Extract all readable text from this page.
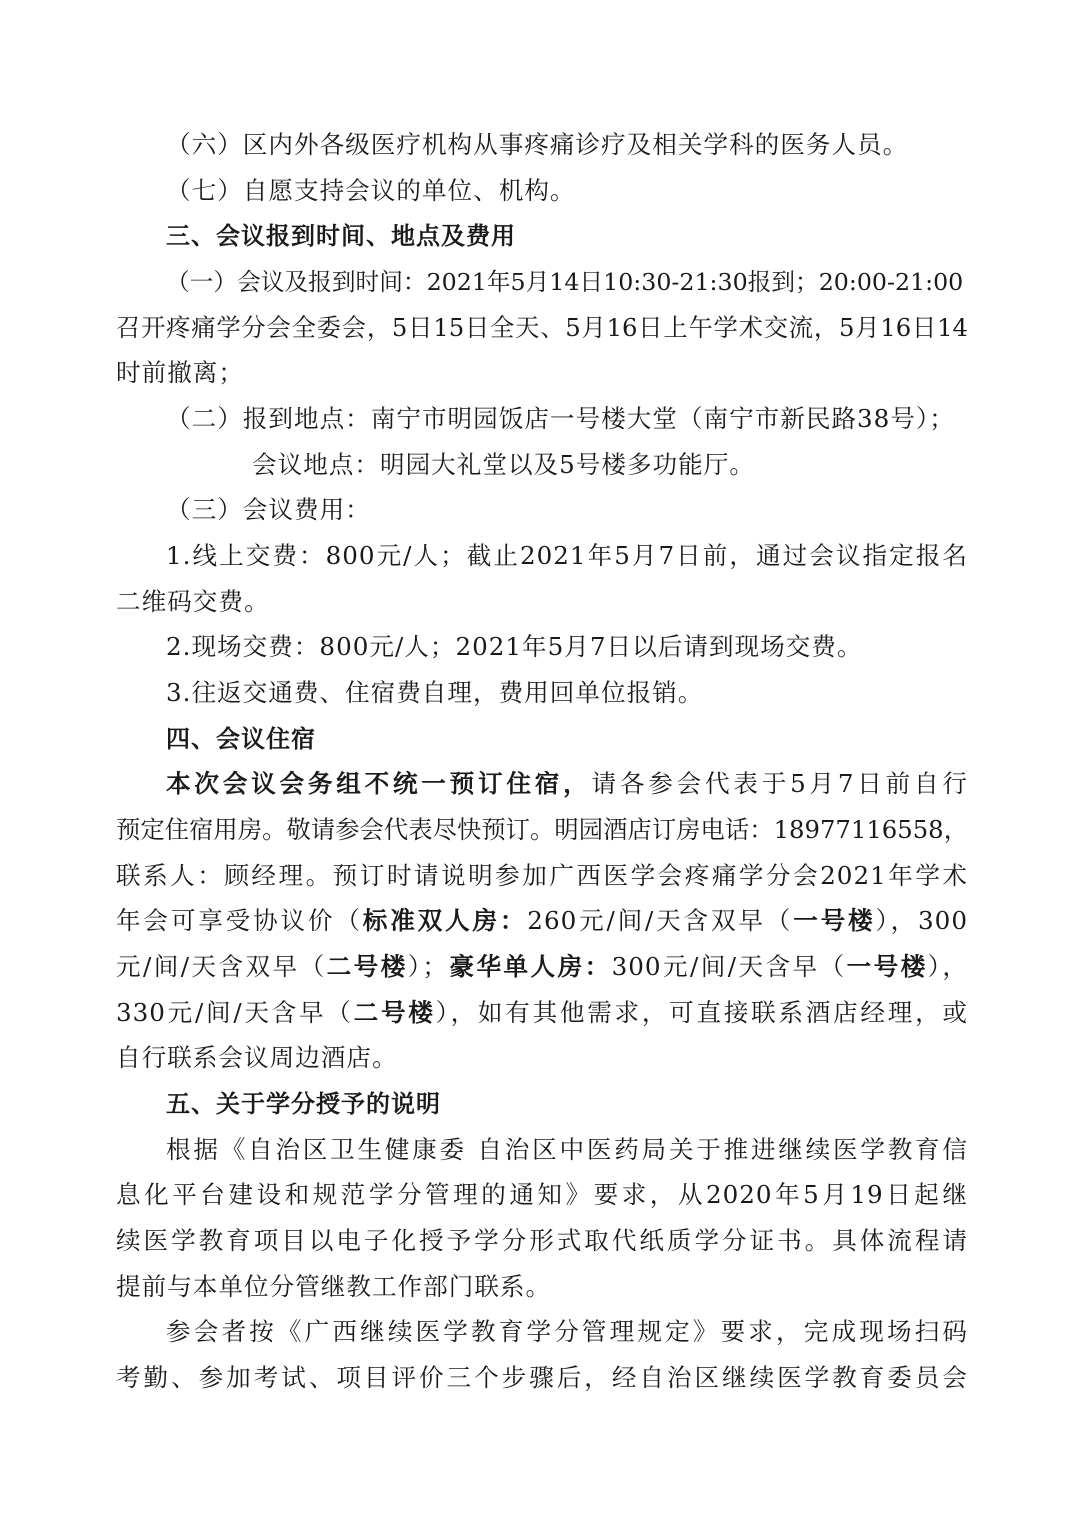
（六）区内外各级医疗机构从事疼痛诊疗及相关学科的医务人员。
（七）自愿支持会议的单位、机构。
三、会议报到时间、地点及费用
（一）会议及报到时间：2021年5月14日10:30-21:30报到；20:00-21:00
召开疼痛学分会全委会，5日15日全天、5月16日上午学术交流，5月16日14
时前撤离；
（二）报到地点：南宁市明园饭店一号楼大堂（南宁市新民路38号）；
会议地点：明园大礼堂以及5号楼多功能厅。
（三）会议费用：
1.线上交费：800元/人；截止2021年5月7日前，通过会议指定报名
二维码交费。
2.现场交费：800元/人；2021年5月7日以后请到现场交费。
3.往返交通费、住宿费自理，费用回单位报销。
四、会议住宿
本次会议会务组不统一预订住宿，请各参会代表于5月7日前自行
预定住宿用房。敬请参会代表尽快预订。明园酒店订房电话：18977116558，
联系人：顾经理。预订时请说明参加广西医学会疼痛学分会2021年学术
年会可享受协议价（标准双人房：260元/间/天含双早（一号楼），300
元/间/天含双早（二号楼）；豪华单人房：300元/间/天含早（一号楼），
330元/间/天含早（二号楼），如有其他需求，可直接联系酒店经理，或
自行联系会议周边酒店。
五、关于学分授予的说明
根据《自治区卫生健康委 自治区中医药局关于推进继续医学教育信
息化平台建设和规范学分管理的通知》要求，从2020年5月19日起继
续医学教育项目以电子化授予学分形式取代纸质学分证书。具体流程请
提前与本单位分管继教工作部门联系。
参会者按《广西继续医学教育学分管理规定》要求，完成现场扫码
考勤、参加考试、项目评价三个步骤后，经自治区继续医学教育委员会
